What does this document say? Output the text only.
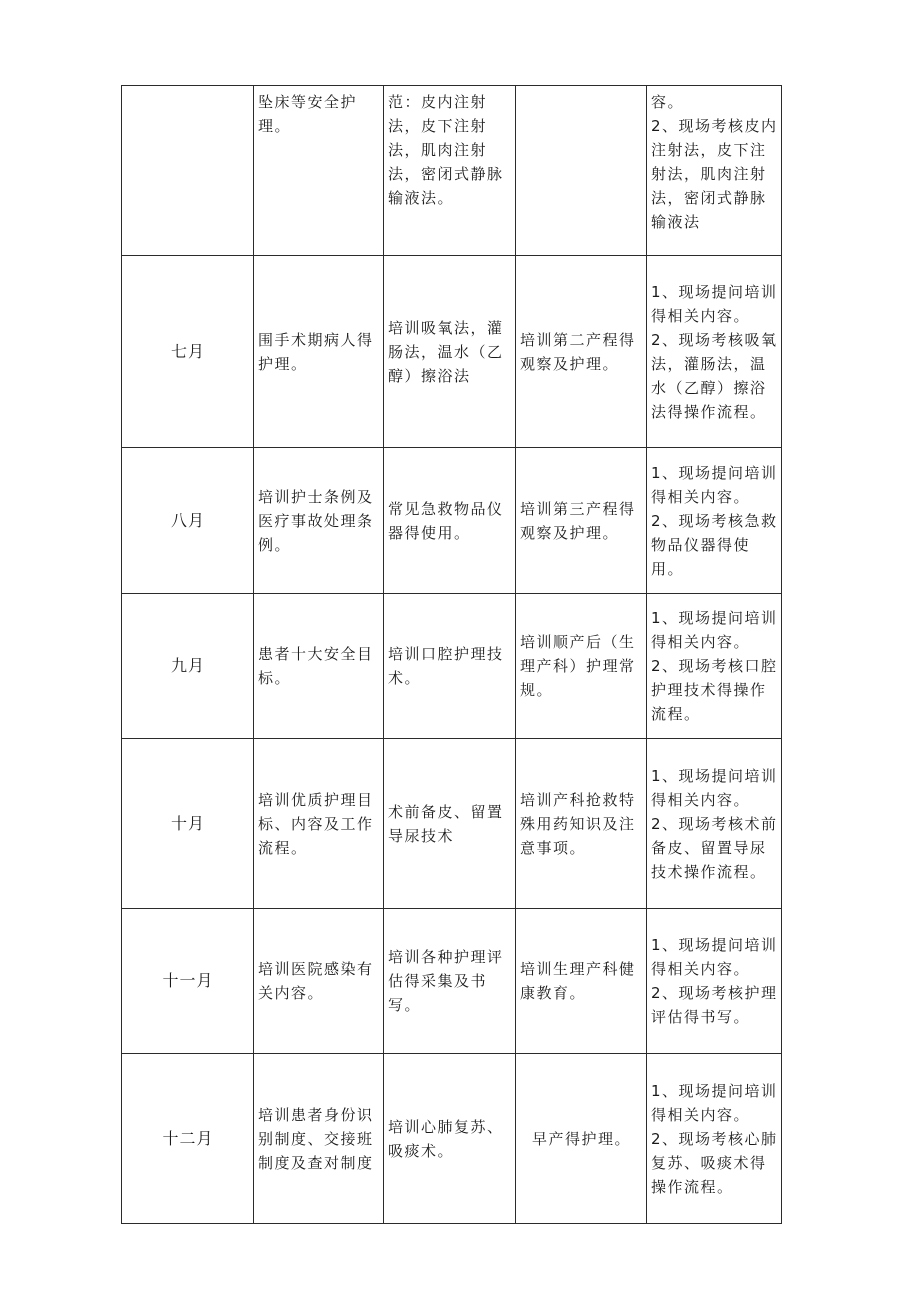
	坠床等安全护理。	范：皮内注射法，皮下注射法，肌肉注射法，密闭式静脉输液法。		容。
2、现场考核皮内注射法，皮下注射法，肌肉注射法，密闭式静脉输液法
七月	围手术期病人得护理。	培训吸氧法，灌肠法，温水（乙醇）擦浴法	培训第二产程得观察及护理。	1、现场提问培训得相关内容。
2、现场考核吸氧法，灌肠法，温水（乙醇）擦浴法得操作流程。
八月	培训护士条例及医疗事故处理条例。	常见急救物品仪器得使用。	培训第三产程得观察及护理。	1、现场提问培训得相关内容。
2、现场考核急救物品仪器得使用。
九月	患者十大安全目标。	培训口腔护理技术。	培训顺产后（生理产科）护理常规。	1、现场提问培训得相关内容。
2、现场考核口腔护理技术得操作流程。
十月	培训优质护理目标、内容及工作流程。	术前备皮、留置导尿技术	培训产科抢救特殊用药知识及注意事项。	1、现场提问培训得相关内容。
2、现场考核术前备皮、留置导尿技术操作流程。
十一月	培训医院感染有关内容。	培训各种护理评估得采集及书写。	培训生理产科健康教育。	1、现场提问培训得相关内容。
2、现场考核护理评估得书写。
十二月	培训患者身份识别制度、交接班制度及查对制度	培训心肺复苏、吸痰术。	早产得护理。	1、现场提问培训得相关内容。
2、现场考核心肺复苏、吸痰术得操作流程。
